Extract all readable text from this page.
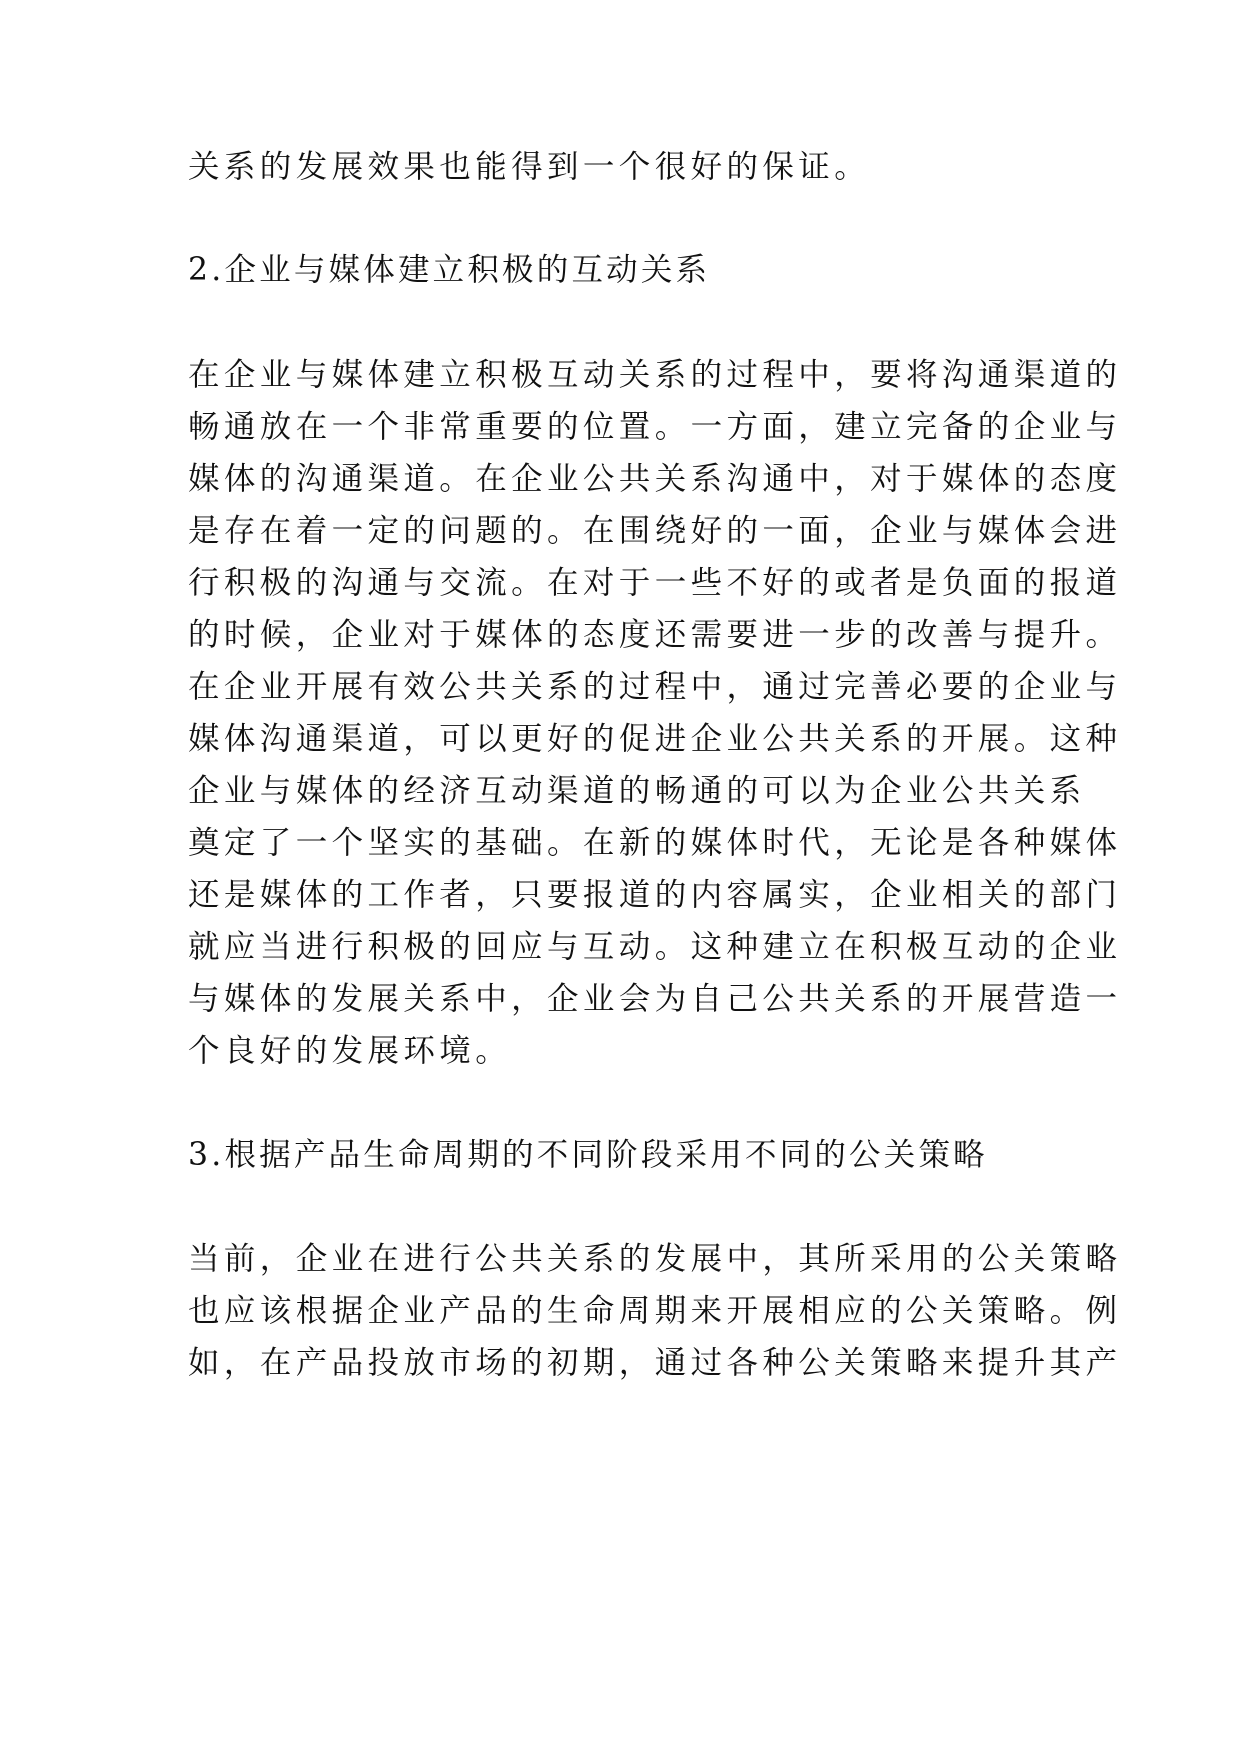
关系的发展效果也能得到一个很好的保证。
2.企业与媒体建立积极的互动关系
在企业与媒体建立积极互动关系的过程中，要将沟通渠道的
畅通放在一个非常重要的位置。一方面，建立完备的企业与
媒体的沟通渠道。在企业公共关系沟通中，对于媒体的态度
是存在着一定的问题的。在围绕好的一面，企业与媒体会进
行积极的沟通与交流。在对于一些不好的或者是负面的报道
的时候，企业对于媒体的态度还需要进一步的改善与提升。
在企业开展有效公共关系的过程中，通过完善必要的企业与
媒体沟通渠道，可以更好的促进企业公共关系的开展。这种
企业与媒体的经济互动渠道的畅通的可以为企业公共关系
奠定了一个坚实的基础。在新的媒体时代，无论是各种媒体
还是媒体的工作者，只要报道的内容属实，企业相关的部门
就应当进行积极的回应与互动。这种建立在积极互动的企业
与媒体的发展关系中，企业会为自己公共关系的开展营造一
个良好的发展环境。
3.根据产品生命周期的不同阶段采用不同的公关策略
当前，企业在进行公共关系的发展中，其所采用的公关策略
也应该根据企业产品的生命周期来开展相应的公关策略。例
如，在产品投放市场的初期，通过各种公关策略来提升其产
